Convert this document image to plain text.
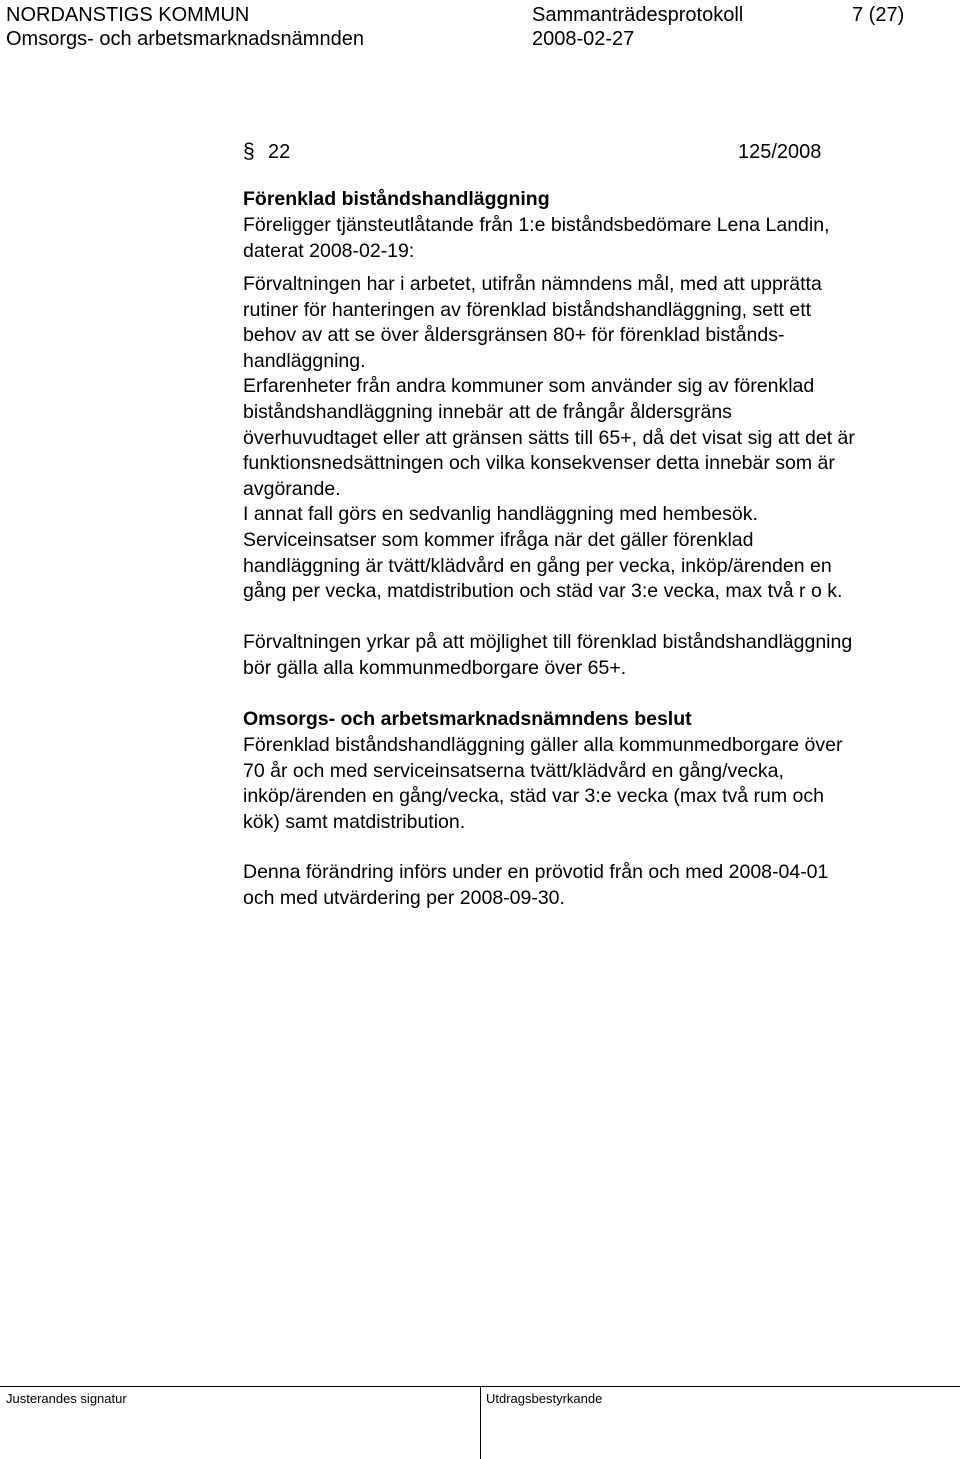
NORDANSTIGS KOMMUN	Sammanträdesprotokoll	7 (27)
Omsorgs- och arbetsmarknadsnämnden	2008-02-27
§ 22	125/2008
Förenklad biståndshandläggning
Föreligger tjänsteutlåtande från 1:e biståndsbedömare Lena Landin,
daterat 2008-02-19:
Förvaltningen har i arbetet, utifrån nämndens mål, med att upprätta
rutiner för hanteringen av förenklad biståndshandläggning, sett ett
behov av att se över åldersgränsen 80+ för förenklad bistånds-
handläggning.
Erfarenheter från andra kommuner som använder sig av förenklad
biståndshandläggning innebär att de frångår åldersgräns
överhuvudtaget eller att gränsen sätts till 65+, då det visat sig att det är
funktionsnedsättningen och vilka konsekvenser detta innebär som är
avgörande.
I annat fall görs en sedvanlig handläggning med hembesök.
Serviceinsatser som kommer ifråga när det gäller förenklad
handläggning är tvätt/klädvård en gång per vecka, inköp/ärenden en
gång per vecka, matdistribution och städ var 3:e vecka, max två r o k.
Förvaltningen yrkar på att möjlighet till förenklad biståndshandläggning
bör gälla alla kommunmedborgare över 65+.
Omsorgs- och arbetsmarknadsnämndens beslut
Förenklad biståndshandläggning gäller alla kommunmedborgare över
70 år och med serviceinsatserna tvätt/klädvård en gång/vecka,
inköp/ärenden en gång/vecka, städ var 3:e vecka (max två rum och
kök) samt matdistribution.
Denna förändring införs under en prövotid från och med 2008-04-01
och med utvärdering per 2008-09-30.
Justerandes signatur	Utdragsbestyrkande
